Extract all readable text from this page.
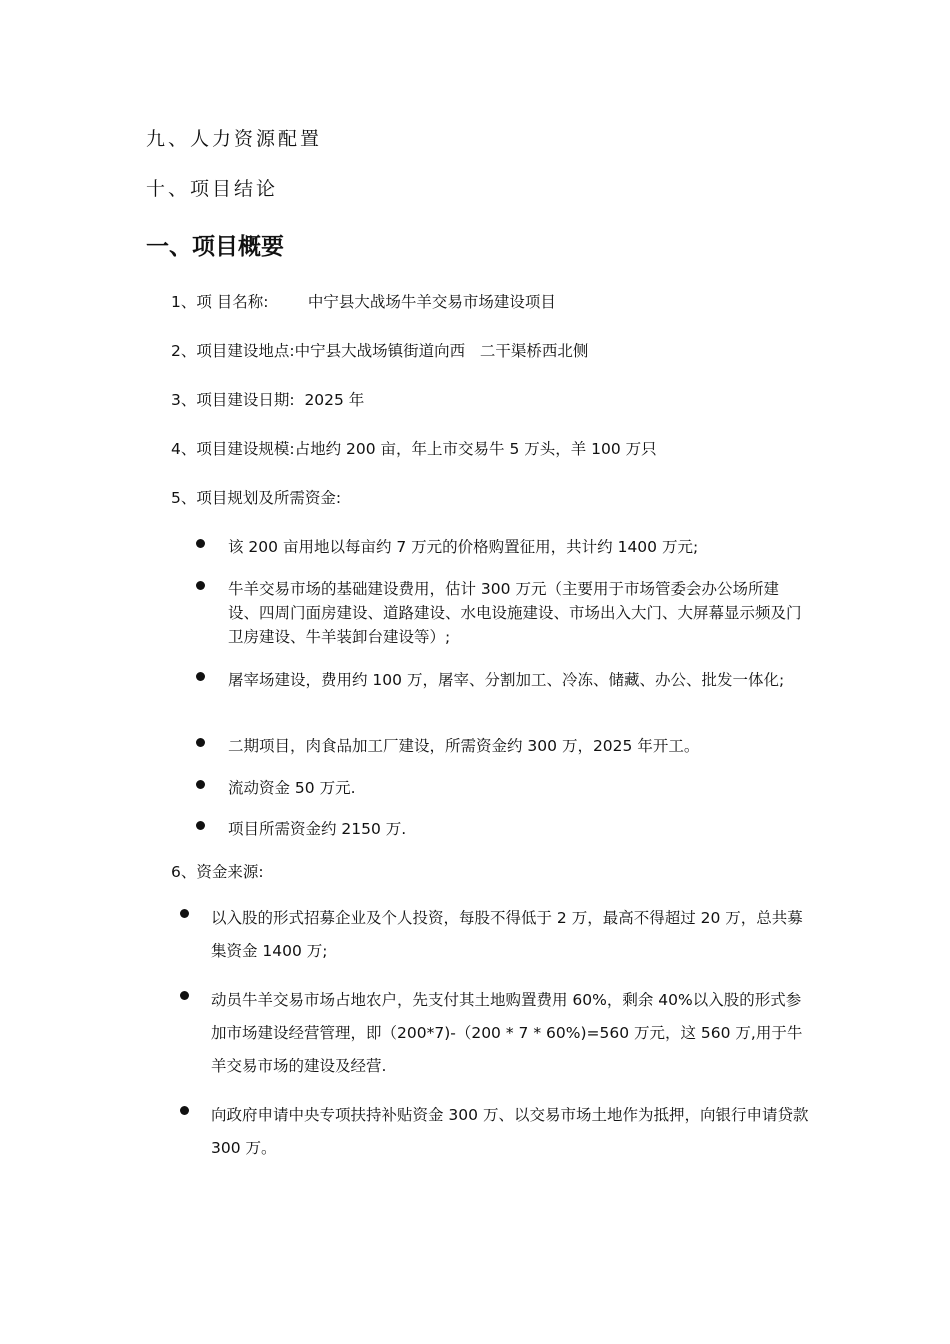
九、人力资源配置
十、项目结论
一、项目概要
1、项 目名称:        中宁县大战场牛羊交易市场建设项目
2、项目建设地点:中宁县大战场镇街道向西   二干渠桥西北侧
3、项目建设日期:  2025 年
4、项目建设规模:占地约 200 亩，年上市交易牛 5 万头，羊 100 万只
5、项目规划及所需资金:
该 200 亩用地以每亩约 7 万元的价格购置征用，共计约 1400 万元;
牛羊交易市场的基础建设费用，估计 300 万元（主要用于市场管委会办公场所建设、四周门面房建设、道路建设、水电设施建设、市场出入大门、大屏幕显示频及门卫房建设、牛羊装卸台建设等）;
屠宰场建设，费用约 100 万，屠宰、分割加工、冷冻、储藏、办公、批发一体化;
二期项目，肉食品加工厂建设，所需资金约 300 万，2025 年开工。
流动资金 50 万元.
项目所需资金约 2150 万.
6、资金来源:
以入股的形式招募企业及个人投资，每股不得低于 2 万，最高不得超过 20 万，总共募集资金 1400 万;
动员牛羊交易市场占地农户，先支付其土地购置费用 60%，剩余 40%以入股的形式参加市场建设经营管理，即（200*7)-（200 * 7 * 60%)=560 万元，这 560 万,用于牛羊交易市场的建设及经营.
向政府申请中央专项扶持补贴资金 300 万、以交易市场土地作为抵押，向银行申请贷款 300 万。
